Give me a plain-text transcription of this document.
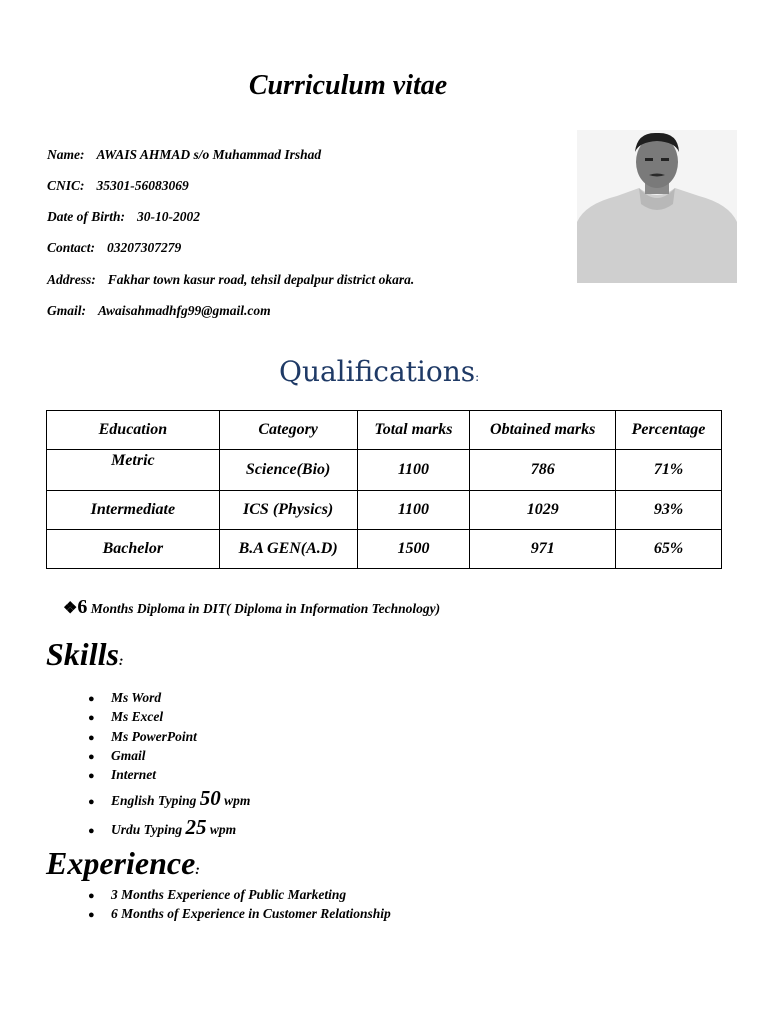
Curriculum vitae
Name: AWAIS AHMAD s/o Muhammad Irshad
CNIC: 35301-56083069
Date of Birth: 30-10-2002
Contact: 03207307279
Address: Fakhar town kasur road, tehsil depalpur district okara.
Gmail: Awaisahmadhfg99@gmail.com
Qualifications:
Education	Category	Total marks	Obtained marks	Percentage
Metric	Science(Bio)	1100	786	71%
Intermediate	ICS (Physics)	1100	1029	93%
Bachelor	B.A GEN(A.D)	1500	971	65%
❖6 Months Diploma in DIT( Diploma in Information Technology)
Skills:
● Ms Word
● Ms Excel
● Ms PowerPoint
● Gmail
● Internet
● English Typing 50 wpm
● Urdu Typing 25 wpm
Experience:
● 3 Months Experience of Public Marketing
● 6 Months of Experience in Customer Relationship
